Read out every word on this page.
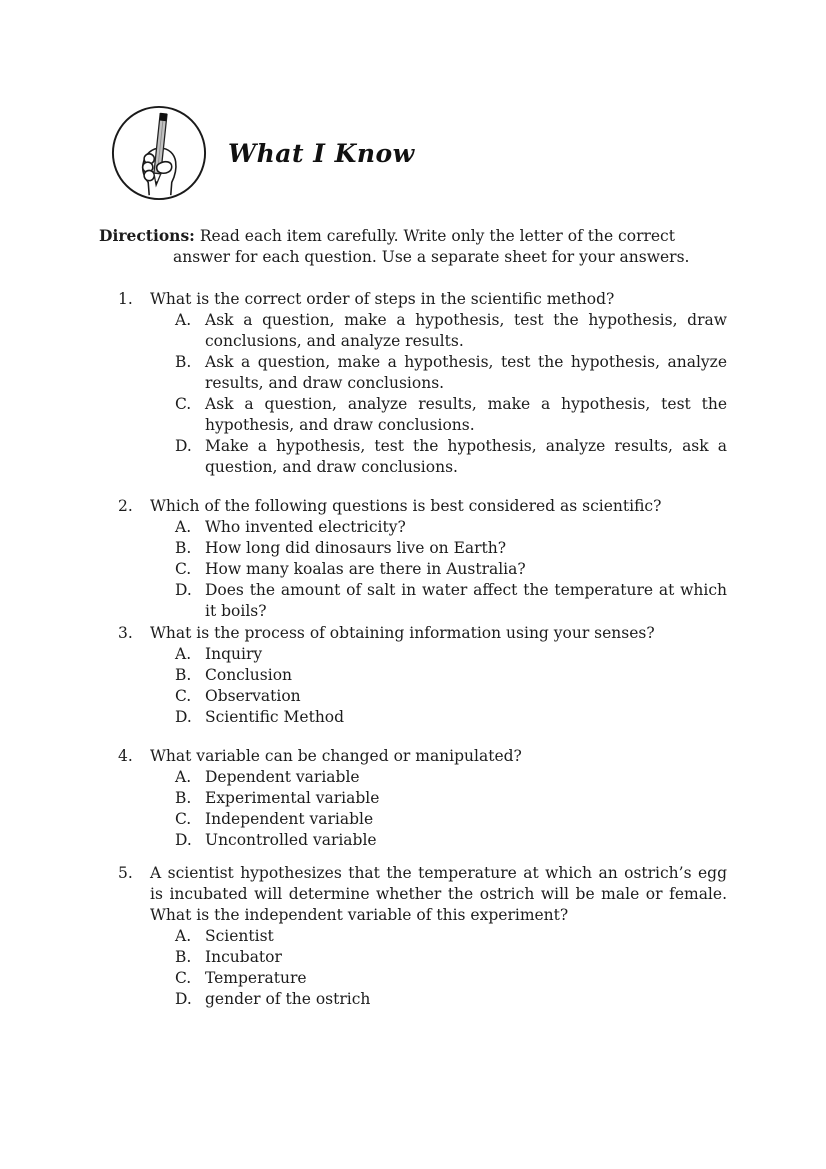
What I Know
Directions: Read each item carefully. Write only the letter of the correct answer for each question. Use a separate sheet for your answers.
1. What is the correct order of steps in the scientific method?
A. Ask a question, make a hypothesis, test the hypothesis, draw conclusions, and analyze results.
B. Ask a question, make a hypothesis, test the hypothesis, analyze results, and draw conclusions.
C. Ask a question, analyze results, make a hypothesis, test the hypothesis, and draw conclusions.
D. Make a hypothesis, test the hypothesis, analyze results, ask a question, and draw conclusions.
2. Which of the following questions is best considered as scientific?
A. Who invented electricity?
B. How long did dinosaurs live on Earth?
C. How many koalas are there in Australia?
D. Does the amount of salt in water affect the temperature at which it boils?
3. What is the process of obtaining information using your senses?
A. Inquiry
B. Conclusion
C. Observation
D. Scientific Method
4. What variable can be changed or manipulated?
A. Dependent variable
B. Experimental variable
C. Independent variable
D. Uncontrolled variable
5. A scientist hypothesizes that the temperature at which an ostrich’s egg is incubated will determine whether the ostrich will be male or female. What is the independent variable of this experiment?
A. Scientist
B. Incubator
C. Temperature
D. gender of the ostrich
